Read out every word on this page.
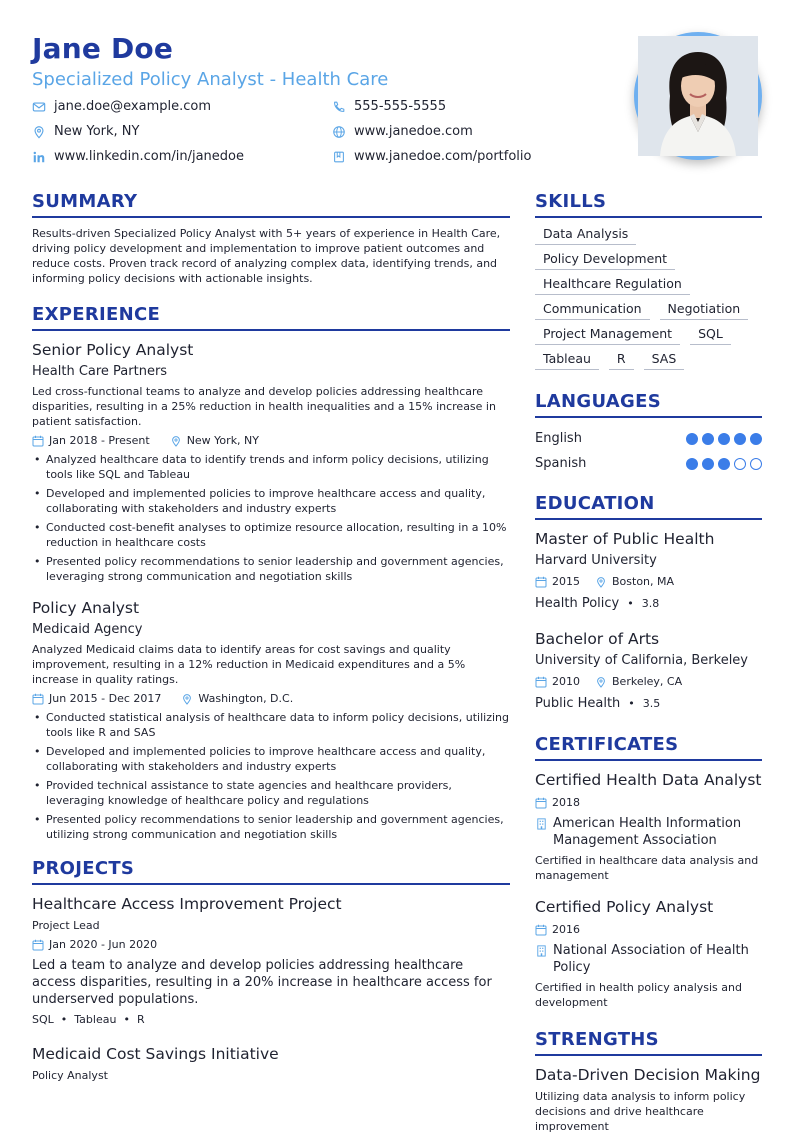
Jane Doe
Specialized Policy Analyst - Health Care
jane.doe@example.com	555-555-5555
New York, NY	www.janedoe.com
www.linkedin.com/in/janedoe	www.janedoe.com/portfolio
SUMMARY
Results-driven Specialized Policy Analyst with 5+ years of experience in Health Care, driving policy development and implementation to improve patient outcomes and reduce costs. Proven track record of analyzing complex data, identifying trends, and informing policy decisions with actionable insights.
EXPERIENCE
Senior Policy Analyst
Health Care Partners
Led cross-functional teams to analyze and develop policies addressing healthcare disparities, resulting in a 25% reduction in health inequalities and a 15% increase in patient satisfaction.
Jan 2018 - Present	New York, NY
• Analyzed healthcare data to identify trends and inform policy decisions, utilizing tools like SQL and Tableau
• Developed and implemented policies to improve healthcare access and quality, collaborating with stakeholders and industry experts
• Conducted cost-benefit analyses to optimize resource allocation, resulting in a 10% reduction in healthcare costs
• Presented policy recommendations to senior leadership and government agencies, leveraging strong communication and negotiation skills
Policy Analyst
Medicaid Agency
Analyzed Medicaid claims data to identify areas for cost savings and quality improvement, resulting in a 12% reduction in Medicaid expenditures and a 5% increase in quality ratings.
Jun 2015 - Dec 2017	Washington, D.C.
• Conducted statistical analysis of healthcare data to inform policy decisions, utilizing tools like R and SAS
• Developed and implemented policies to improve healthcare access and quality, collaborating with stakeholders and industry experts
• Provided technical assistance to state agencies and healthcare providers, leveraging knowledge of healthcare policy and regulations
• Presented policy recommendations to senior leadership and government agencies, utilizing strong communication and negotiation skills
PROJECTS
Healthcare Access Improvement Project
Project Lead
Jan 2020 - Jun 2020
Led a team to analyze and develop policies addressing healthcare access disparities, resulting in a 20% increase in healthcare access for underserved populations.
SQL • Tableau • R
Medicaid Cost Savings Initiative
Policy Analyst
SKILLS
Data Analysis
Policy Development
Healthcare Regulation
Communication	Negotiation
Project Management	SQL
Tableau	R	SAS
LANGUAGES
English
Spanish
EDUCATION
Master of Public Health
Harvard University
2015	Boston, MA
Health Policy • 3.8
Bachelor of Arts
University of California, Berkeley
2010	Berkeley, CA
Public Health • 3.5
CERTIFICATES
Certified Health Data Analyst
2018
American Health Information Management Association
Certified in healthcare data analysis and management
Certified Policy Analyst
2016
National Association of Health Policy
Certified in health policy analysis and development
STRENGTHS
Data-Driven Decision Making
Utilizing data analysis to inform policy decisions and drive healthcare improvement
